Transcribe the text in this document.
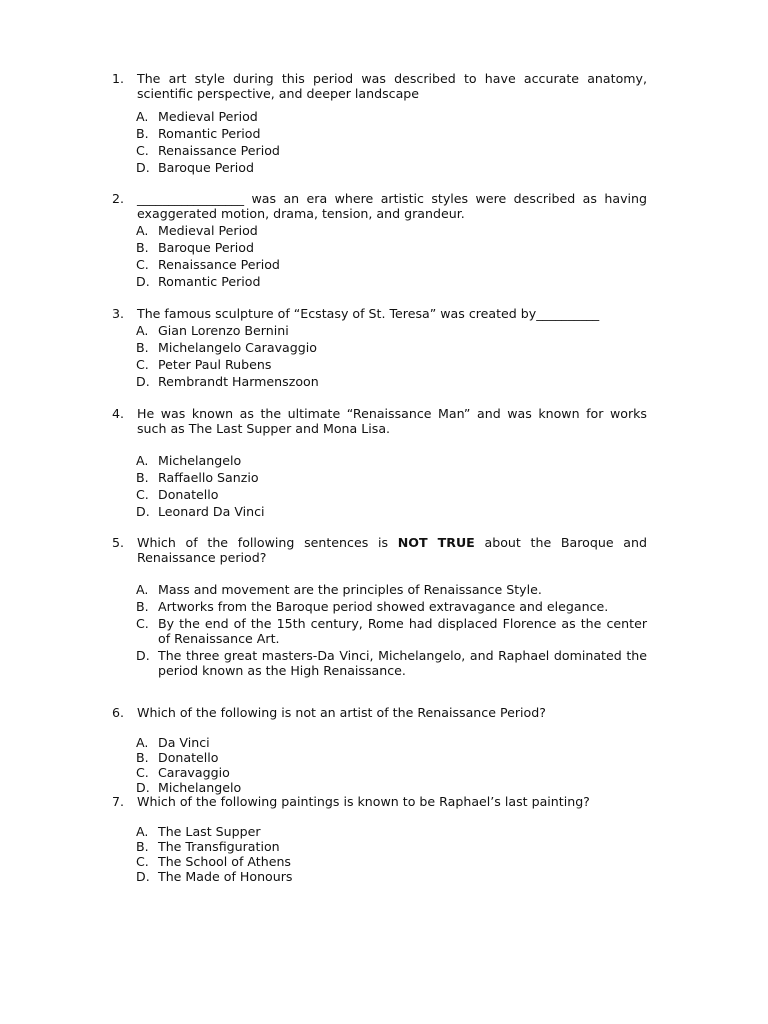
1.	The art style during this period was described to have accurate anatomy, scientific perspective, and deeper landscape
A. Medieval Period
B. Romantic Period
C. Renaissance Period
D. Baroque Period
2.	_________________ was an era where artistic styles were described as having exaggerated motion, drama, tension, and grandeur.
A. Medieval Period
B. Baroque Period
C. Renaissance Period
D. Romantic Period
3.	The famous sculpture of “Ecstasy of St. Teresa” was created by__________
A. Gian Lorenzo Bernini
B. Michelangelo Caravaggio
C. Peter Paul Rubens
D. Rembrandt Harmenszoon
4.	He was known as the ultimate “Renaissance Man” and was known for works such as The Last Supper and Mona Lisa.
A. Michelangelo
B. Raffaello Sanzio
C. Donatello
D. Leonard Da Vinci
5.	Which of the following sentences is NOT TRUE about the Baroque and Renaissance period?
A. Mass and movement are the principles of Renaissance Style.
B. Artworks from the Baroque period showed extravagance and elegance.
C. By the end of the 15th century, Rome had displaced Florence as the center of Renaissance Art.
D. The three great masters-Da Vinci, Michelangelo, and Raphael dominated the period known as the High Renaissance.
6.	Which of the following is not an artist of the Renaissance Period?
A. Da Vinci
B. Donatello
C. Caravaggio
D. Michelangelo
7.	Which of the following paintings is known to be Raphael’s last painting?
A. The Last Supper
B. The Transfiguration
C. The School of Athens
D. The Made of Honours
